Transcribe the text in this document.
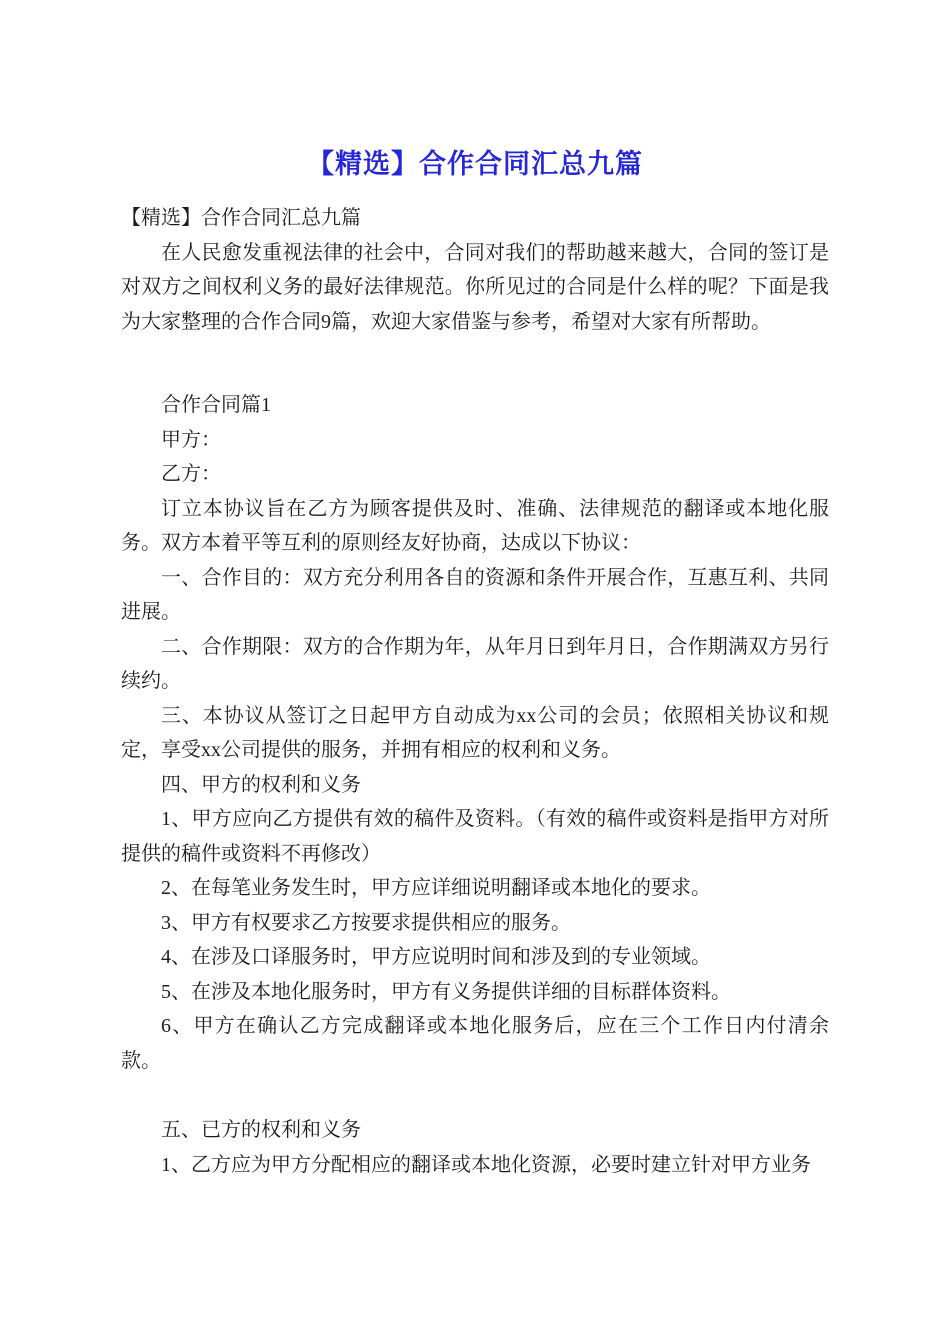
【精选】合作合同汇总九篇

【精选】合作合同汇总九篇

在人民愈发重视法律的社会中，合同对我们的帮助越来越大，合同的签订是对双方之间权利义务的最好法律规范。你所见过的合同是什么样的呢？下面是我为大家整理的合作合同9篇，欢迎大家借鉴与参考，希望对大家有所帮助。

合作合同篇1

甲方：

乙方：

订立本协议旨在乙方为顾客提供及时、准确、法律规范的翻译或本地化服务。双方本着平等互利的原则经友好协商，达成以下协议：

一、合作目的：双方充分利用各自的资源和条件开展合作，互惠互利、共同进展。

二、合作期限：双方的合作期为年，从年月日到年月日，合作期满双方另行续约。

三、本协议从签订之日起甲方自动成为xx公司的会员；依照相关协议和规定，享受xx公司提供的服务，并拥有相应的权利和义务。

四、甲方的权利和义务

1、甲方应向乙方提供有效的稿件及资料。（有效的稿件或资料是指甲方对所提供的稿件或资料不再修改）

2、在每笔业务发生时，甲方应详细说明翻译或本地化的要求。

3、甲方有权要求乙方按要求提供相应的服务。

4、在涉及口译服务时，甲方应说明时间和涉及到的专业领域。

5、在涉及本地化服务时，甲方有义务提供详细的目标群体资料。

6、甲方在确认乙方完成翻译或本地化服务后，应在三个工作日内付清余款。

五、已方的权利和义务

1、乙方应为甲方分配相应的翻译或本地化资源，必要时建立针对甲方业务
